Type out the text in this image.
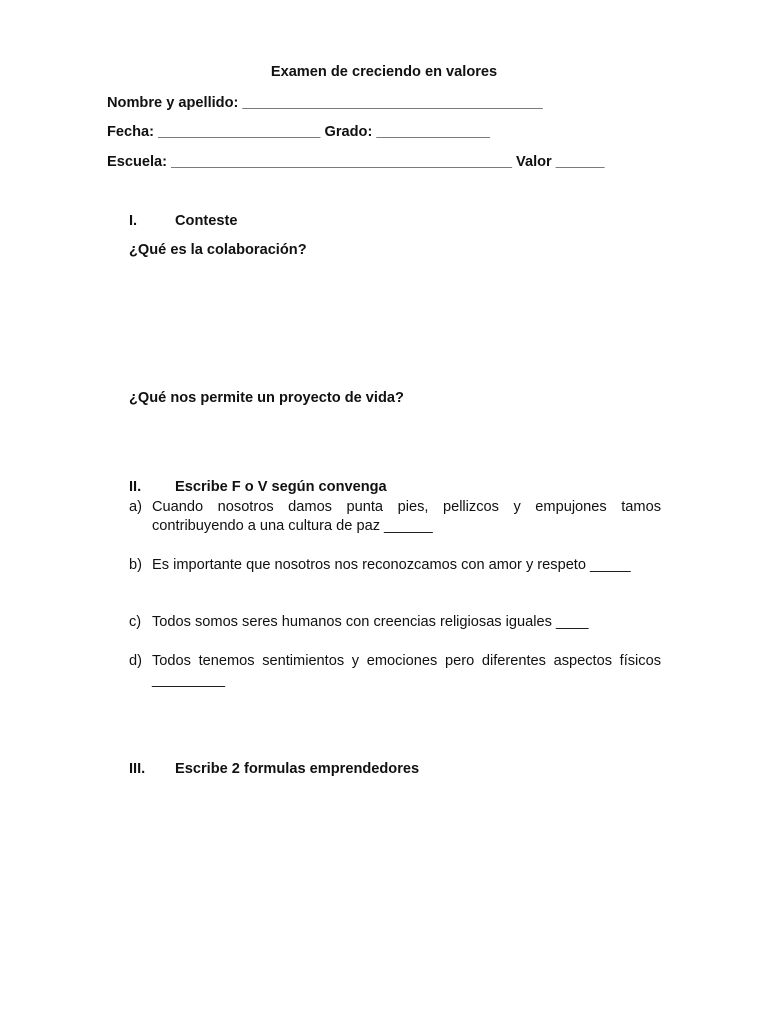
Examen de creciendo en valores
Nombre y apellido: _____________________________________
Fecha: ____________________ Grado: ______________
Escuela: __________________________________________ Valor ______
I.	Conteste
¿Qué es la colaboración?
¿Qué nos permite un proyecto de vida?
II. Escribe F o V según convenga
a) Cuando nosotros damos punta pies, pellizcos y empujones tamos contribuyendo a una cultura de paz ______
b) Es importante que nosotros nos reconozcamos con amor y respeto _____
c) Todos somos seres humanos con creencias religiosas iguales ____
d) Todos tenemos sentimientos y emociones pero diferentes aspectos físicos _________
III. Escribe 2 formulas emprendedores
